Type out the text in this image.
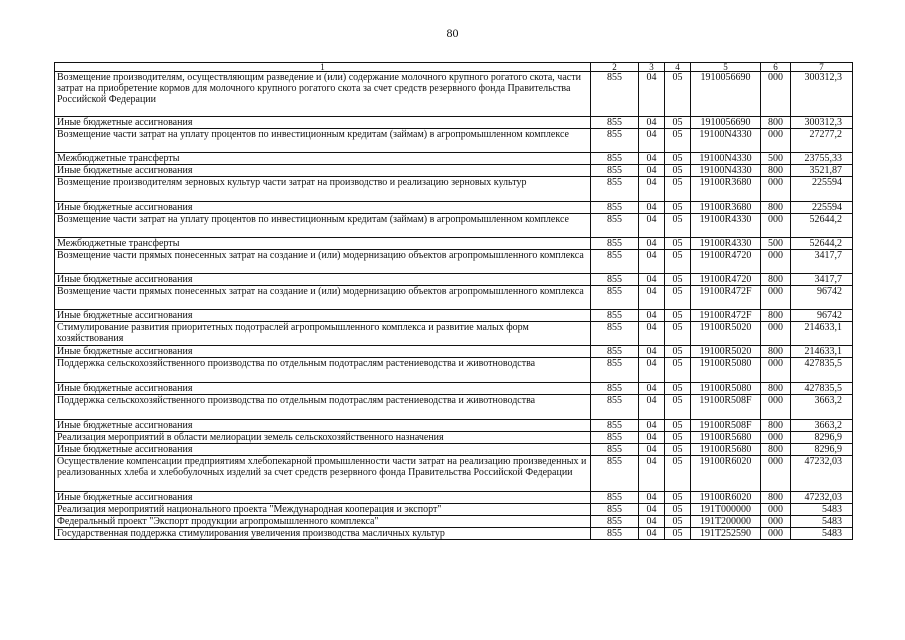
80
1	2	3	4	5	6	7
Возмещение производителям, осуществляющим разведение и (или) содержание молочного крупного рогатого скота, части затрат на приобретение кормов для молочного крупного рогатого скота за счет средств резервного фонда Правительства Российской Федерации	855	04	05	1910056690	000	300312,3
Иные бюджетные ассигнования	855	04	05	1910056690	800	300312,3
Возмещение части затрат на уплату процентов по инвестиционным кредитам (займам) в агропромышленном комплексе	855	04	05	19100N4330	000	27277,2
Межбюджетные трансферты	855	04	05	19100N4330	500	23755,33
Иные бюджетные ассигнования	855	04	05	19100N4330	800	3521,87
Возмещение производителям зерновых культур части затрат на производство и реализацию зерновых культур	855	04	05	19100R3680	000	225594
Иные бюджетные ассигнования	855	04	05	19100R3680	800	225594
Возмещение части затрат на уплату процентов по инвестиционным кредитам (займам) в агропромышленном комплексе	855	04	05	19100R4330	000	52644,2
Межбюджетные трансферты	855	04	05	19100R4330	500	52644,2
Возмещение части прямых понесенных затрат на создание и (или) модернизацию объектов агропромышленного комплекса	855	04	05	19100R4720	000	3417,7
Иные бюджетные ассигнования	855	04	05	19100R4720	800	3417,7
Возмещение части прямых понесенных затрат на создание и (или) модернизацию объектов агропромышленного комплекса	855	04	05	19100R472F	000	96742
Иные бюджетные ассигнования	855	04	05	19100R472F	800	96742
Стимулирование развития приоритетных подотраслей агропромышленного комплекса и развитие малых форм хозяйствования	855	04	05	19100R5020	000	214633,1
Иные бюджетные ассигнования	855	04	05	19100R5020	800	214633,1
Поддержка сельскохозяйственного производства по отдельным подотраслям растениеводства и животноводства	855	04	05	19100R5080	000	427835,5
Иные бюджетные ассигнования	855	04	05	19100R5080	800	427835,5
Поддержка сельскохозяйственного производства по отдельным подотраслям растениеводства и животноводства	855	04	05	19100R508F	000	3663,2
Иные бюджетные ассигнования	855	04	05	19100R508F	800	3663,2
Реализация мероприятий в области мелиорации земель сельскохозяйственного назначения	855	04	05	19100R5680	000	8296,9
Иные бюджетные ассигнования	855	04	05	19100R5680	800	8296,9
Осуществление компенсации предприятиям хлебопекарной промышленности части затрат на реализацию произведенных и реализованных хлеба и хлебобулочных изделий за счет средств резервного фонда Правительства Российской Федерации	855	04	05	19100R6020	000	47232,03
Иные бюджетные ассигнования	855	04	05	19100R6020	800	47232,03
Реализация мероприятий национального проекта "Международная кооперация и экспорт"	855	04	05	191T000000	000	5483
Федеральный проект "Экспорт продукции агропромышленного комплекса"	855	04	05	191T200000	000	5483
Государственная поддержка стимулирования увеличения производства масличных культур	855	04	05	191T252590	000	5483
